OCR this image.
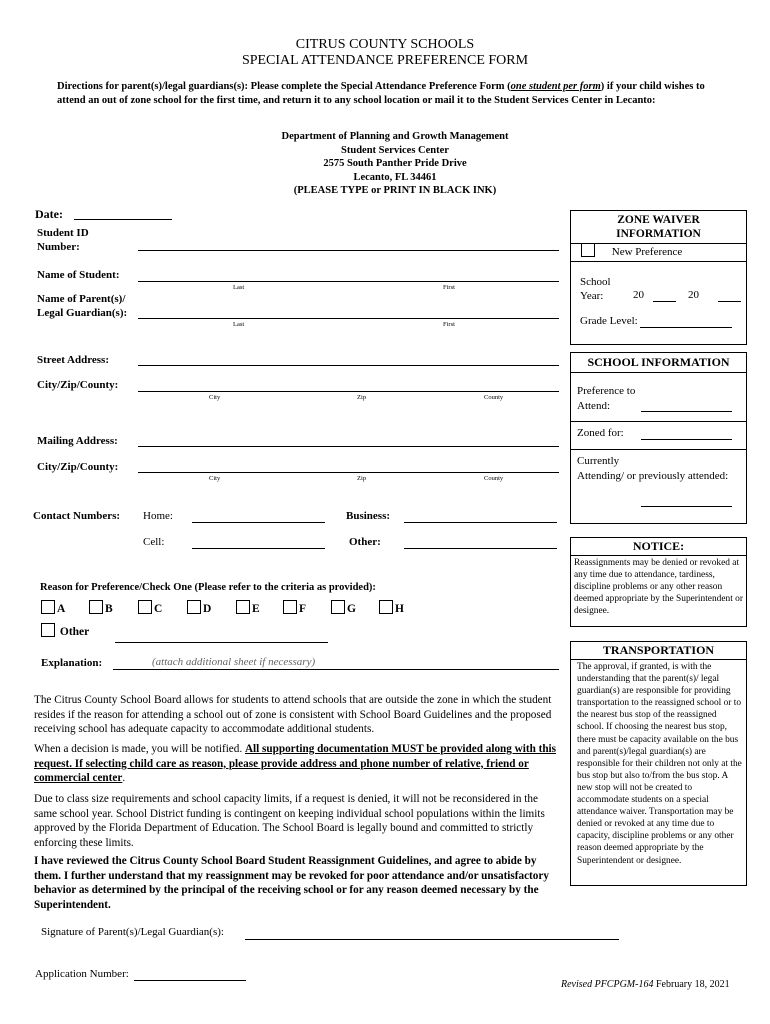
CITRUS COUNTY SCHOOLS
SPECIAL ATTENDANCE PREFERENCE FORM
Directions for parent(s)/legal guardians(s): Please complete the Special Attendance Preference Form (one student per form) if your child wishes to attend an out of zone school for the first time, and return it to any school location or mail it to the Student Services Center in Lecanto:
Department of Planning and Growth Management
Student Services Center
2575 South Panther Pride Drive
Lecanto, FL 34461
(PLEASE TYPE or PRINT IN BLACK INK)
Date:
Student ID
Number:
Name of Student:
Last	First
Name of Parent(s)/
Legal Guardian(s):
Last	First
Street Address:
City/Zip/County:
City	Zip	County
Mailing Address:
City/Zip/County:
City	Zip	County
Contact Numbers: Home:	Business:
Cell:	Other:
Reason for Preference/Check One (Please refer to the criteria as provided):
A	B	C	D	E	F	G	H
Other
Explanation:	(attach additional sheet if necessary)
The Citrus County School Board allows for students to attend schools that are outside the zone in which the student resides if the reason for attending a school out of zone is consistent with School Board Guidelines and the proposed receiving school has adequate capacity to accommodate additional students.
When a decision is made, you will be notified. All supporting documentation MUST be provided along with this request. If selecting child care as reason, please provide address and phone number of relative, friend or commercial center.
Due to class size requirements and school capacity limits, if a request is denied, it will not be reconsidered in the same school year. School District funding is contingent on keeping individual school populations within the limits approved by the Florida Department of Education. The School Board is legally bound and committed to strictly enforcing these limits.
I have reviewed the Citrus County School Board Student Reassignment Guidelines, and agree to abide by them. I further understand that my reassignment may be revoked for poor attendance and/or unsatisfactory behavior as determined by the principal of the receiving school or for any reason deemed necessary by the Superintendent.
Signature of Parent(s)/Legal Guardian(s):
Application Number:
Revised PFCPGM-164 February 18, 2021
ZONE WAIVER
INFORMATION
New Preference
School
Year:	20	20
Grade Level:
SCHOOL INFORMATION
Preference to
Attend:
Zoned for:
Currently
Attending/ or previously attended:
NOTICE:
Reassignments may be denied or revoked at any time due to attendance, tardiness, discipline problems or any other reason deemed appropriate by the Superintendent or designee.
TRANSPORTATION
The approval, if granted, is with the understanding that the parent(s)/ legal guardian(s) are responsible for providing transportation to the reassigned school or to the nearest bus stop of the reassigned school. If choosing the nearest bus stop, there must be capacity available on the bus and parent(s)/legal guardian(s) are responsible for their children not only at the bus stop but also to/from the bus stop. A new stop will not be created to accommodate students on a special attendance waiver. Transportation may be denied or revoked at any time due to capacity, discipline problems or any other reason deemed appropriate by the Superintendent or designee.
